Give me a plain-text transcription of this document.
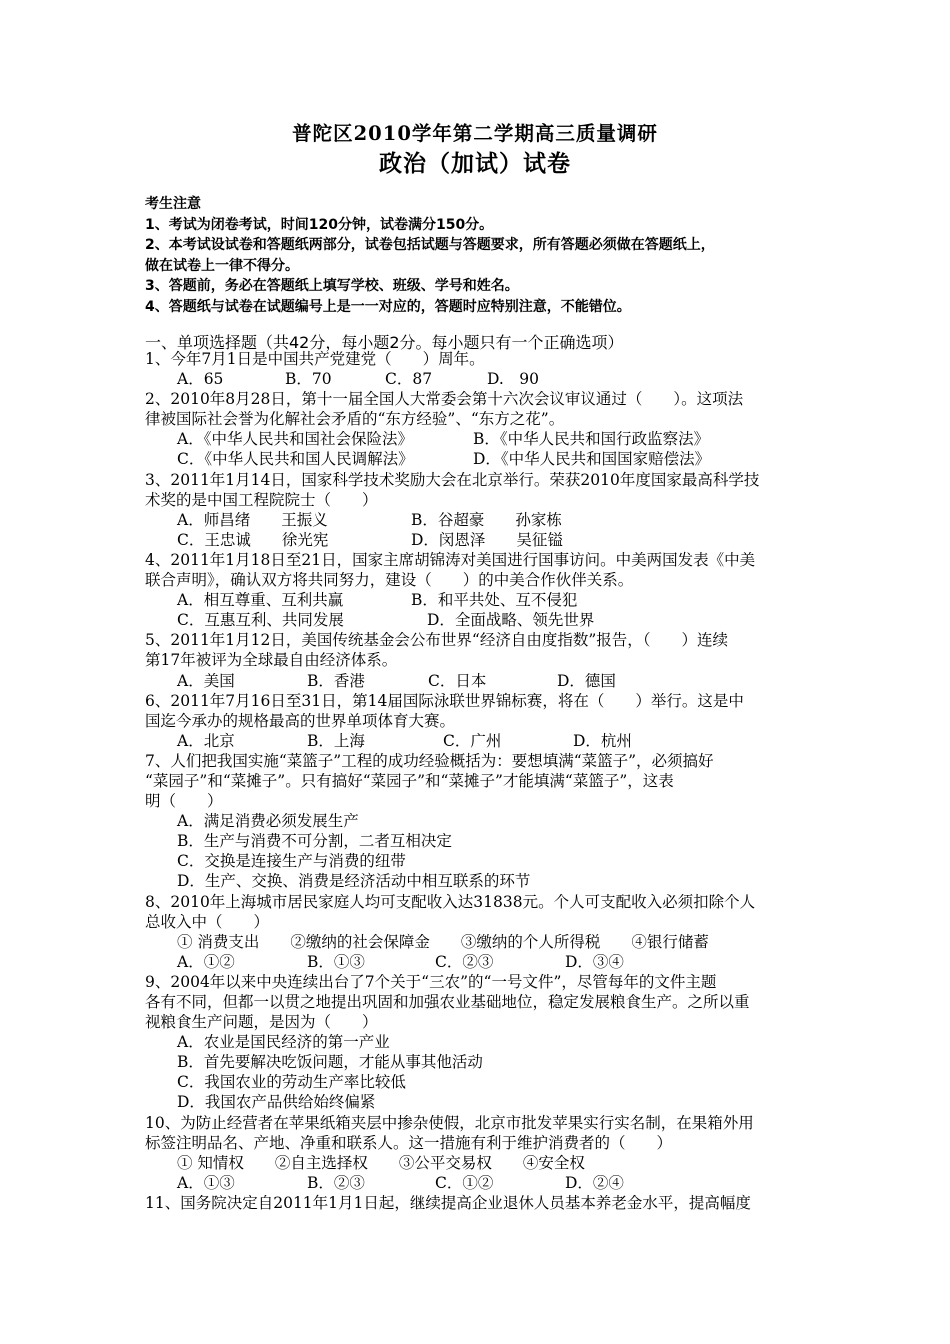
普陀区2010学年第二学期高三质量调研
政治（加试）试卷
考生注意
1、考试为闭卷考试，时间120分钟，试卷满分150分。
2、本考试设试卷和答题纸两部分，试卷包括试题与答题要求，所有答题必须做在答题纸上，
做在试卷上一律不得分。
3、答题前，务必在答题纸上填写学校、班级、学号和姓名。
4、答题纸与试卷在试题编号上是一一对应的，答题时应特别注意，不能错位。
一、单项选择题（共42分，每小题2分。每小题只有一个正确选项）
1、今年7月1日是中国共产党建党（　　）周年。
A．65	B．70	C．87	D.　90
2、2010年8月28日，第十一届全国人大常委会第十六次会议审议通过（　　）。这项法
律被国际社会誉为化解社会矛盾的“东方经验”、“东方之花”。
A．《中华人民共和国社会保险法》	B．《中华人民共和国行政监察法》
C．《中华人民共和国人民调解法》	D．《中华人民共和国国家赔偿法》
3、2011年1月14日，国家科学技术奖励大会在北京举行。荣获2010年度国家最高科学技
术奖的是中国工程院院士（　　）
A．师昌绪　　王振义	B．谷超豪　　孙家栋
C．王忠诚　　徐光宪	D．闵恩泽　　吴征镒
4、2011年1月18日至21日，国家主席胡锦涛对美国进行国事访问。中美两国发表《中美
联合声明》，确认双方将共同努力，建设（　　）的中美合作伙伴关系。
A．相互尊重、互利共赢	B．和平共处、互不侵犯
C．互惠互利、共同发展	D．全面战略、领先世界
5、2011年1月12日，美国传统基金会公布世界“经济自由度指数”报告，（　　）连续
第17年被评为全球最自由经济体系。
A．美国	B．香港	C．日本	D．德国
6、2011年7月16日至31日，第14届国际泳联世界锦标赛，将在（　　）举行。这是中
国迄今承办的规格最高的世界单项体育大赛。
A．北京	B．上海	C．广州	D．杭州
7、人们把我国实施“菜篮子”工程的成功经验概括为：要想填满“菜篮子”，必须搞好
“菜园子”和“菜摊子”。只有搞好“菜园子”和“菜摊子”才能填满“菜篮子”，这表
明（　　）
A．满足消费必须发展生产
B．生产与消费不可分割，二者互相决定
C．交换是连接生产与消费的纽带
D．生产、交换、消费是经济活动中相互联系的环节
8、2010年上海城市居民家庭人均可支配收入达31838元。个人可支配收入必须扣除个人
总收入中（　　）
① 消费支出　　②缴纳的社会保障金　　③缴纳的个人所得税　　④银行储蓄
A．①②	B．①③	C．②③	D．③④
9、2004年以来中央连续出台了7个关于“三农”的“一号文件”，尽管每年的文件主题
各有不同，但都一以贯之地提出巩固和加强农业基础地位，稳定发展粮食生产。之所以重
视粮食生产问题，是因为（　　）
A．农业是国民经济的第一产业
B．首先要解决吃饭问题，才能从事其他活动
C．我国农业的劳动生产率比较低
D．我国农产品供给始终偏紧
10、为防止经营者在苹果纸箱夹层中掺杂使假，北京市批发苹果实行实名制，在果箱外用
标签注明品名、产地、净重和联系人。这一措施有利于维护消费者的（　　）
① 知情权　　②自主选择权　　③公平交易权　　④安全权
A．①③	B．②③	C．①②	D．②④
11、国务院决定自2011年1月1日起，继续提高企业退休人员基本养老金水平，提高幅度
